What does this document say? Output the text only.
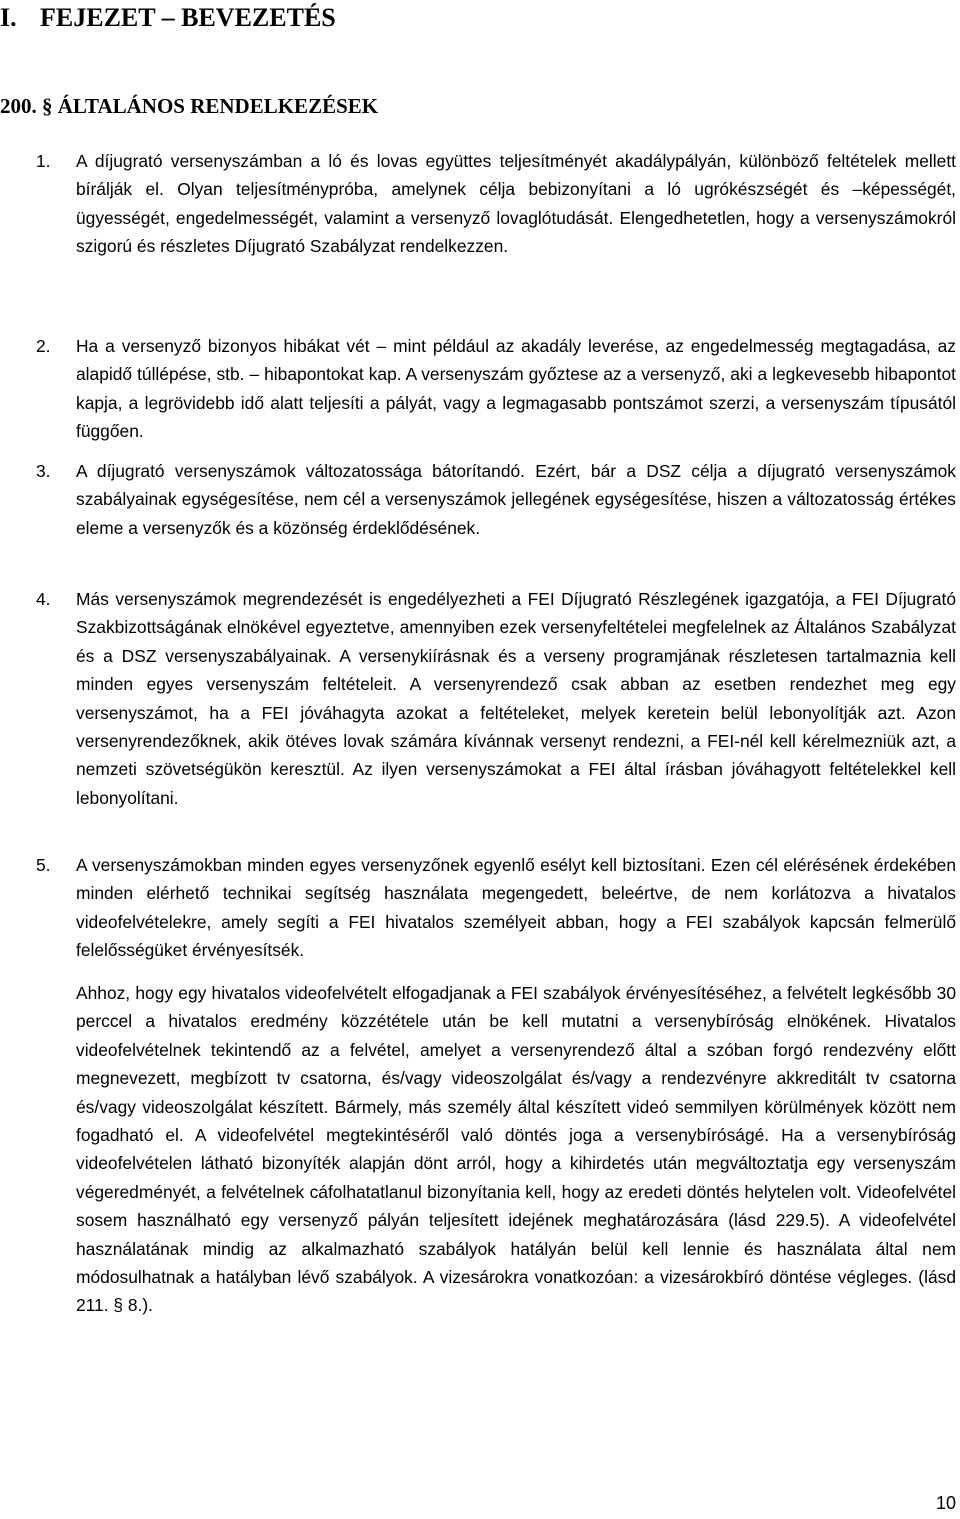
I. FEJEZET – BEVEZETÉS
200. § ÁLTALÁNOS RENDELKEZÉSEK

1.	A díjugrató versenyszámban a ló és lovas együttes teljesítményét akadálypályán, különböző feltételek mellett bírálják el. Olyan teljesítménypróba, amelynek célja bebizonyítani a ló ugrókészségét és –képességét, ügyességét, engedelmességét, valamint a versenyző lovaglótudását. Elengedhetetlen, hogy a versenyszámokról szigorú és részletes Díjugrató Szabályzat rendelkezzen.

2.	Ha a versenyző bizonyos hibákat vét – mint például az akadály leverése, az engedelmesség megtagadása, az alapidő túllépése, stb. – hibapontokat kap. A versenyszám győztese az a versenyző, aki a legkevesebb hibapontot kapja, a legrövidebb idő alatt teljesíti a pályát, vagy a legmagasabb pontszámot szerzi, a versenyszám típusától függően.

3.	A díjugrató versenyszámok változatossága bátorítandó. Ezért, bár a DSZ célja a díjugrató versenyszámok szabályainak egységesítése, nem cél a versenyszámok jellegének egységesítése, hiszen a változatosság értékes eleme a versenyzők és a közönség érdeklődésének.

4.	Más versenyszámok megrendezését is engedélyezheti a FEI Díjugrató Részlegének igazgatója, a FEI Díjugrató Szakbizottságának elnökével egyeztetve, amennyiben ezek versenyfeltételei megfelelnek az Általános Szabályzat és a DSZ versenyszabályainak. A versenykiírásnak és a verseny programjának részletesen tartalmaznia kell minden egyes versenyszám feltételeit. A versenyrendező csak abban az esetben rendezhet meg egy versenyszámot, ha a FEI jóváhagyta azokat a feltételeket, melyek keretein belül lebonyolítják azt. Azon versenyrendezőknek, akik ötéves lovak számára kívánnak versenyt rendezni, a FEI-nél kell kérelmezniük azt, a nemzeti szövetségükön keresztül. Az ilyen versenyszámokat a FEI által írásban jóváhagyott feltételekkel kell lebonyolítani.

5.	A versenyszámokban minden egyes versenyzőnek egyenlő esélyt kell biztosítani. Ezen cél elérésének érdekében minden elérhető technikai segítség használata megengedett, beleértve, de nem korlátozva a hivatalos videofelvételekre, amely segíti a FEI hivatalos személyeit abban, hogy a FEI szabályok kapcsán felmerülő felelősségüket érvényesítsék.

Ahhoz, hogy egy hivatalos videofelvételt elfogadjanak a FEI szabályok érvényesítéséhez, a felvételt legkésőbb 30 perccel a hivatalos eredmény közzététele után be kell mutatni a versenybíróság elnökének. Hivatalos videofelvételnek tekintendő az a felvétel, amelyet a versenyrendező által a szóban forgó rendezvény előtt megnevezett, megbízott tv csatorna, és/vagy videoszolgálat és/vagy a rendezvényre akkreditált tv csatorna és/vagy videoszolgálat készített. Bármely, más személy által készített videó semmilyen körülmények között nem fogadható el. A videofelvétel megtekintéséről való döntés joga a versenybíróságé. Ha a versenybíróság videofelvételen látható bizonyíték alapján dönt arról, hogy a kihirdetés után megváltoztatja egy versenyszám végeredményét, a felvételnek cáfolhatatlanul bizonyítania kell, hogy az eredeti döntés helytelen volt. Videofelvétel sosem használható egy versenyző pályán teljesített idejének meghatározására (lásd 229.5). A videofelvétel használatának mindig az alkalmazható szabályok hatályán belül kell lennie és használata által nem módosulhatnak a hatályban lévő szabályok. A vizesárokra vonatkozóan: a vizesárokbíró döntése végleges. (lásd 211. § 8.).

10
